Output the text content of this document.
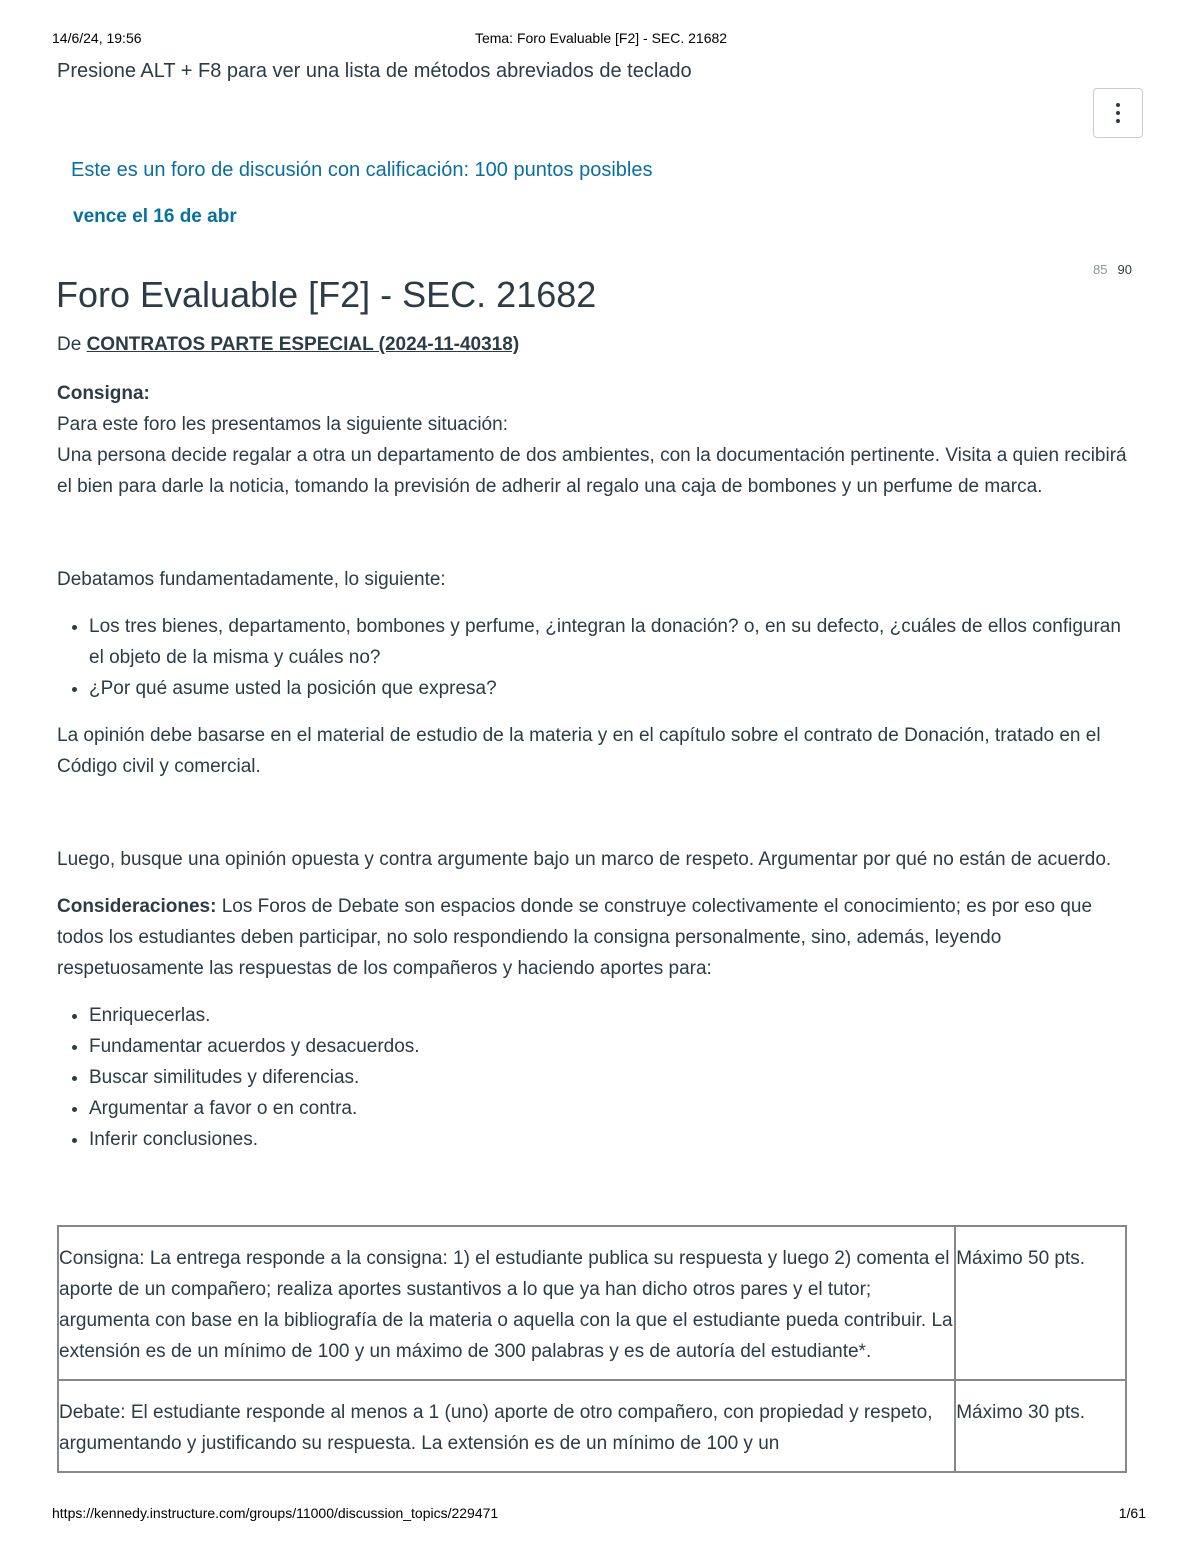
14/6/24, 19:56	Tema: Foro Evaluable [F2] - SEC. 21682
Presione ALT + F8 para ver una lista de métodos abreviados de teclado
Este es un foro de discusión con calificación: 100 puntos posibles
vence el 16 de abr
85 90
Foro Evaluable [F2] - SEC. 21682
De CONTRATOS PARTE ESPECIAL (2024-11-40318)

Consigna:

Para este foro les presentamos la siguiente situación:

Una persona decide regalar a otra un departamento de dos ambientes, con la documentación pertinente. Visita a quien recibirá el bien para darle la noticia, tomando la previsión de adherir al regalo una caja de bombones y un perfume de marca.

Debatamos fundamentadamente, lo siguiente:

• Los tres bienes, departamento, bombones y perfume, ¿integran la donación? o, en su defecto, ¿cuáles de ellos configuran el objeto de la misma y cuáles no?
• ¿Por qué asume usted la posición que expresa?

La opinión debe basarse en el material de estudio de la materia y en el capítulo sobre el contrato de Donación, tratado en el Código civil y comercial.

Luego, busque una opinión opuesta y contra argumente bajo un marco de respeto. Argumentar por qué no están de acuerdo.

Consideraciones: Los Foros de Debate son espacios donde se construye colectivamente el conocimiento; es por eso que todos los estudiantes deben participar, no solo respondiendo la consigna personalmente, sino, además, leyendo respetuosamente las respuestas de los compañeros y haciendo aportes para:

• Enriquecerlas.
• Fundamentar acuerdos y desacuerdos.
• Buscar similitudes y diferencias.
• Argumentar a favor o en contra.
• Inferir conclusiones.
Consigna: La entrega responde a la consigna: 1) el estudiante publica su respuesta y luego 2) comenta el aporte de un compañero; realiza aportes sustantivos a lo que ya han dicho otros pares y el tutor; argumenta con base en la bibliografía de la materia o aquella con la que el estudiante pueda contribuir. La extensión es de un mínimo de 100 y un máximo de 300 palabras y es de autoría del estudiante*.	Máximo 50 pts.
Debate: El estudiante responde al menos a 1 (uno) aporte de otro compañero, con propiedad y respeto, argumentando y justificando su respuesta. La extensión es de un mínimo de 100 y un	Máximo 30 pts.
https://kennedy.instructure.com/groups/11000/discussion_topics/229471	1/61
